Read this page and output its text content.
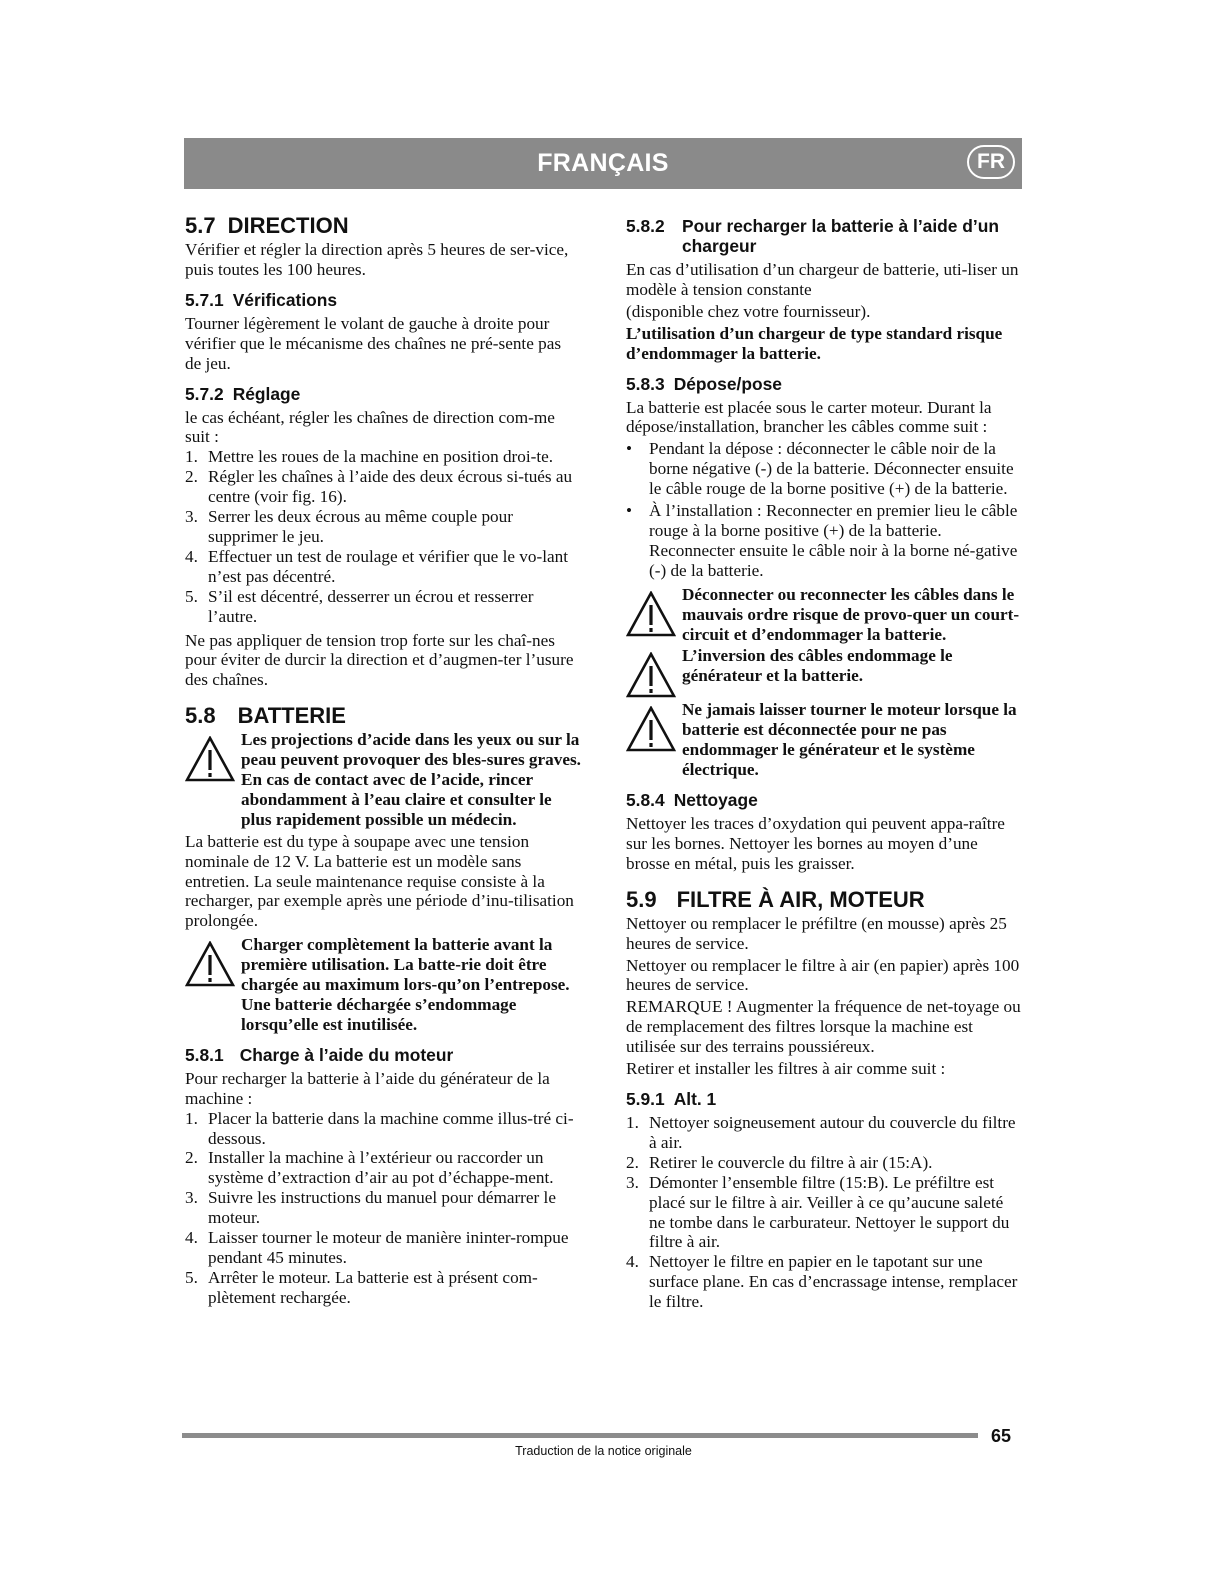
FRANÇAIS	FR
5.7 DIRECTION

Vérifier et régler la direction après 5 heures de ser-vice, puis toutes les 100 heures.

5.7.1 Vérifications

Tourner légèrement le volant de gauche à droite pour vérifier que le mécanisme des chaînes ne pré-sente pas de jeu.

5.7.2 Réglage

le cas échéant, régler les chaînes de direction com-me suit :

1. Mettre les roues de la machine en position droi-te.
2. Régler les chaînes à l’aide des deux écrous si-tués au centre (voir fig. 16).
3. Serrer les deux écrous au même couple pour supprimer le jeu.
4. Effectuer un test de roulage et vérifier que le vo-lant n’est pas décentré.
5. S’il est décentré, desserrer un écrou et resserrer l’autre.

Ne pas appliquer de tension trop forte sur les chaî-nes pour éviter de durcir la direction et d’augmen-ter l’usure des chaînes.

5.8 BATTERIE
Les projections d’acide dans les yeux ou sur la peau peuvent provoquer des bles-sures graves. En cas de contact avec de l’acide, rincer abondamment à l’eau claire et consulter le plus rapidement possible un médecin.

La batterie est du type à soupape avec une tension nominale de 12 V. La batterie est un modèle sans entretien. La seule maintenance requise consiste à la recharger, par exemple après une période d’inu-tilisation prolongée.

Charger complètement la batterie avant la première utilisation. La batte-rie doit être chargée au maximum lors-qu’on l’entrepose. Une batterie déchargée s’endommage lorsqu’elle est inutilisée.
5.8.1 Charge à l’aide du moteur

Pour recharger la batterie à l’aide du générateur de la machine :

1. Placer la batterie dans la machine comme illus-tré ci-dessous.
2. Installer la machine à l’extérieur ou raccorder un système d’extraction d’air au pot d’échappe-ment.
3. Suivre les instructions du manuel pour démarrer le moteur.
4. Laisser tourner le moteur de manière ininter-rompue pendant 45 minutes.
5. Arrêter le moteur. La batterie est à présent com-plètement rechargée.
5.8.2 Pour recharger la batterie à l’aide d’un chargeur

En cas d’utilisation d’un chargeur de batterie, uti-liser un modèle à tension constante

(disponible chez votre fournisseur).

L’utilisation d’un chargeur de type standard risque d’endommager la batterie.

5.8.3 Dépose/pose

La batterie est placée sous le carter moteur. Durant la dépose/installation, brancher les câbles comme suit :

• Pendant la dépose : déconnecter le câble noir de la borne négative (-) de la batterie. Déconnecter ensuite le câble rouge de la borne positive (+) de la batterie.
• À l’installation : Reconnecter en premier lieu le câble rouge à la borne positive (+) de la batterie. Reconnecter ensuite le câble noir à la borne né-gative (-) de la batterie.
Déconnecter ou reconnecter les câbles dans le mauvais ordre risque de provo-quer un court-circuit et d’endommager la batterie.
L’inversion des câbles endommage le générateur et la batterie.
Ne jamais laisser tourner le moteur lorsque la batterie est déconnectée pour ne pas endommager le générateur et le système électrique.
5.8.4 Nettoyage

Nettoyer les traces d’oxydation qui peuvent appa-raître sur les bornes. Nettoyer les bornes au moyen d’une brosse en métal, puis les graisser.

5.9 FILTRE À AIR, MOTEUR

Nettoyer ou remplacer le préfiltre (en mousse) après 25 heures de service.

Nettoyer ou remplacer le filtre à air (en papier) après 100 heures de service.

REMARQUE ! Augmenter la fréquence de net-toyage ou de remplacement des filtres lorsque la machine est utilisée sur des terrains poussiéreux.

Retirer et installer les filtres à air comme suit :

5.9.1 Alt. 1
1. Nettoyer soigneusement autour du couvercle du filtre à air.
2. Retirer le couvercle du filtre à air (15:A).
3. Démonter l’ensemble filtre (15:B). Le préfiltre est placé sur le filtre à air. Veiller à ce qu’aucune saleté ne tombe dans le carburateur. Nettoyer le support du filtre à air.
4. Nettoyer le filtre en papier en le tapotant sur une surface plane. En cas d’encrassage intense, remplacer le filtre.
65
Traduction de la notice originale
